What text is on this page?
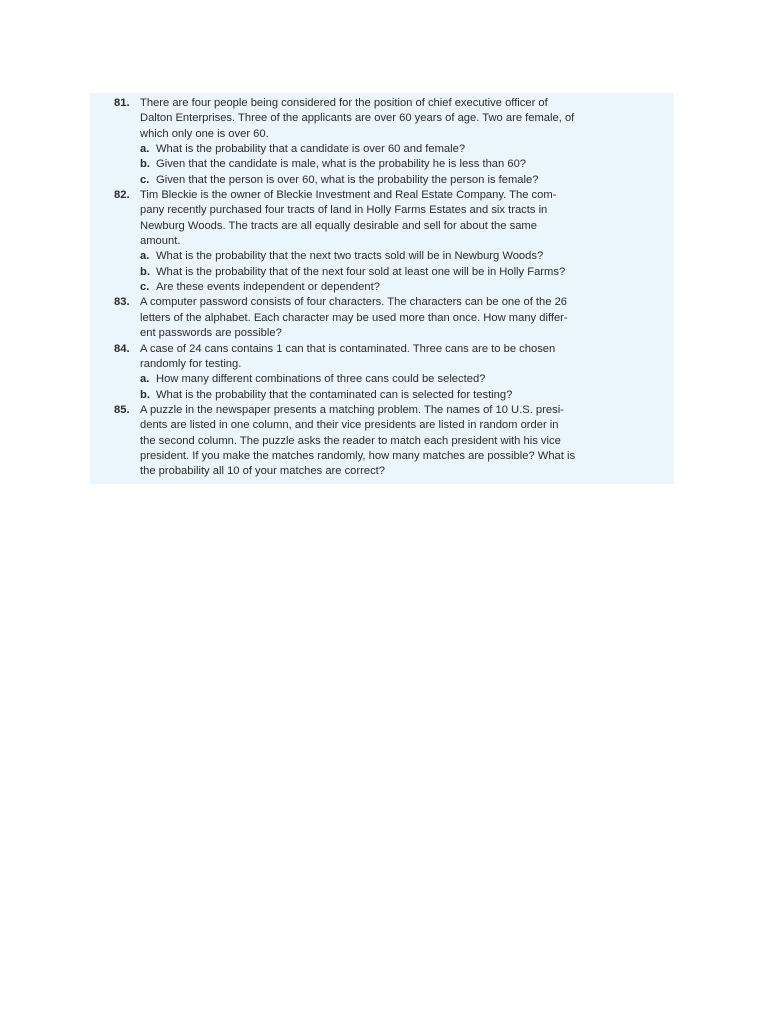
81. There are four people being considered for the position of chief executive officer of
Dalton Enterprises. Three of the applicants are over 60 years of age. Two are female, of
which only one is over 60.
a. What is the probability that a candidate is over 60 and female?
b. Given that the candidate is male, what is the probability he is less than 60?
c. Given that the person is over 60, what is the probability the person is female?
82. Tim Bleckie is the owner of Bleckie Investment and Real Estate Company. The com-
pany recently purchased four tracts of land in Holly Farms Estates and six tracts in
Newburg Woods. The tracts are all equally desirable and sell for about the same
amount.
a. What is the probability that the next two tracts sold will be in Newburg Woods?
b. What is the probability that of the next four sold at least one will be in Holly Farms?
c. Are these events independent or dependent?
83. A computer password consists of four characters. The characters can be one of the 26
letters of the alphabet. Each character may be used more than once. How many differ-
ent passwords are possible?
84. A case of 24 cans contains 1 can that is contaminated. Three cans are to be chosen
randomly for testing.
a. How many different combinations of three cans could be selected?
b. What is the probability that the contaminated can is selected for testing?
85. A puzzle in the newspaper presents a matching problem. The names of 10 U.S. presi-
dents are listed in one column, and their vice presidents are listed in random order in
the second column. The puzzle asks the reader to match each president with his vice
president. If you make the matches randomly, how many matches are possible? What is
the probability all 10 of your matches are correct?
